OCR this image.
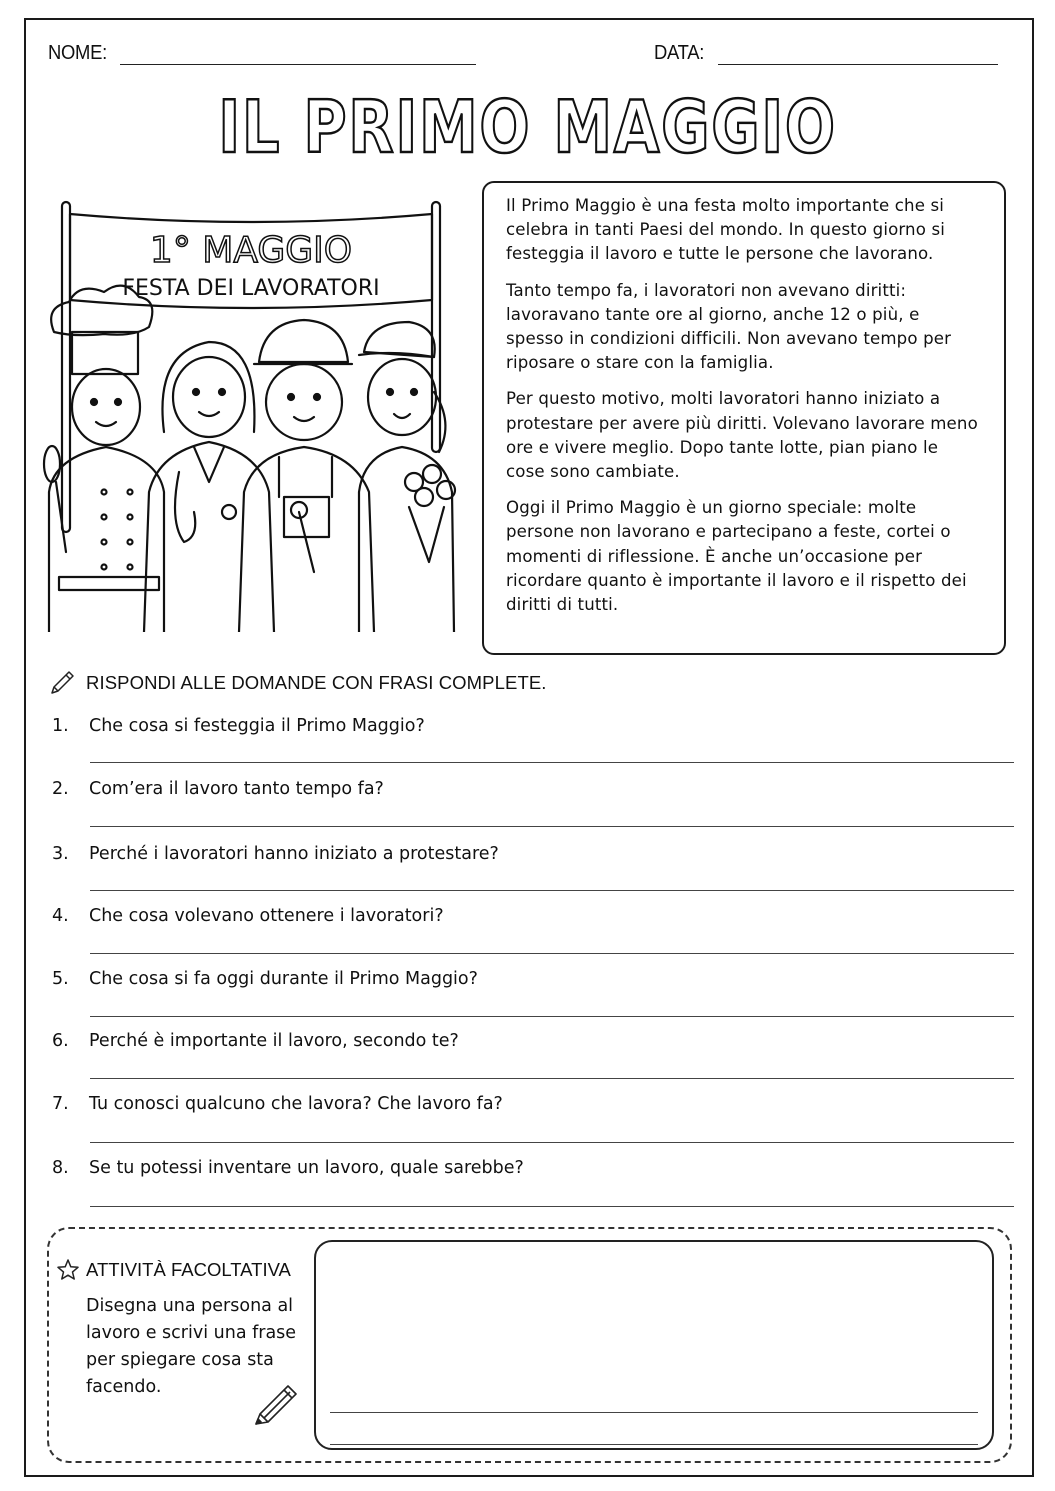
NOME:	DATA:
IL PRIMO MAGGIO
1° MAGGIO
FESTA DEI LAVORATORI

Il Primo Maggio è una festa molto importante che si celebra in tanti Paesi del mondo. In questo giorno si festeggia il lavoro e tutte le persone che lavorano.

Tanto tempo fa, i lavoratori non avevano diritti: lavoravano tante ore al giorno, anche 12 o più, e spesso in condizioni difficili. Non avevano tempo per riposare o stare con la famiglia.

Per questo motivo, molti lavoratori hanno iniziato a protestare per avere più diritti. Volevano lavorare meno ore e vivere meglio. Dopo tante lotte, pian piano le cose sono cambiate.

Oggi il Primo Maggio è un giorno speciale: molte persone non lavorano e partecipano a feste, cortei o momenti di riflessione. È anche un’occasione per ricordare quanto è importante il lavoro e il rispetto dei diritti di tutti.

RISPONDI ALLE DOMANDE CON FRASI COMPLETE.
1.	Che cosa si festeggia il Primo Maggio?
2.	Com’era il lavoro tanto tempo fa?
3.	Perché i lavoratori hanno iniziato a protestare?
4.	Che cosa volevano ottenere i lavoratori?
5.	Che cosa si fa oggi durante il Primo Maggio?
6.	Perché è importante il lavoro, secondo te?
7.	Tu conosci qualcuno che lavora? Che lavoro fa?
8.	Se tu potessi inventare un lavoro, quale sarebbe?
ATTIVITÀ FACOLTATIVA
Disegna una persona al lavoro e scrivi una frase per spiegare cosa sta facendo.
